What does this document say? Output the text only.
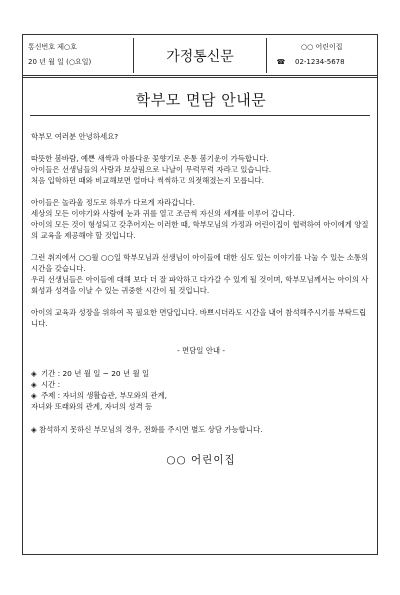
통신번호 제○호
20 년 월 일 (○요일)	가정통신문
○○ 어린이집
☎ 02-1234-5678
학부모 면담 안내문

학부모 여러분 안녕하세요?

따뜻한 봄바람, 예쁜 새싹과 아름다운 꽃향기로 온통 봄기운이 가득합니다.
아이들은 선생님들의 사랑과 보살핌으로 나날이 무럭무럭 자라고 있습니다.
처음 입학하던 때와 비교해보면 얼마나 씩씩하고 의젓해졌는지 모릅니다.

아이들은 놀라울 정도로 하루가 다르게 자라갑니다.
세상의 모든 이야기와 사람에 눈과 귀를 열고 조금씩 자신의 세계를 이루어 갑니다.
아이의 모든 것이 형성되고 갖추어지는 이러한 때, 학부모님의 가정과 어린이집이 협력하여 아이에게 양질의 교육을 제공해야 할 것입니다.

그런 취지에서 ○○월 ○○일 학부모님과 선생님이 아이들에 대한 심도 있는 이야기를 나눌 수 있는 소통의 시간을 갖습니다.
우리 선생님들은 아이들에 대해 보다 더 잘 파악하고 다가갈 수 있게 될 것이며, 학부모님께서는 아이의 사회성과 성격을 이날 수 있는 귀중한 시간이 될 것입니다.

아이의 교육과 성장을 위하여 꼭 필요한 면담입니다. 바쁘시더라도 시간을 내어 참석해주시기를 부탁드립니다.

- 면담일 안내 -
◈ 기간 : 20 년 월 일 ~ 20 년 월 일
◈ 시간 :
◈ 주제 : 자녀의 생활습관, 부모와의 관계,
자녀와 또래와의 관계, 자녀의 성격 등

◈ 참석하지 못하신 부모님의 경우, 전화를 주시면 별도 상담 가능합니다.

○○ 어린이집
